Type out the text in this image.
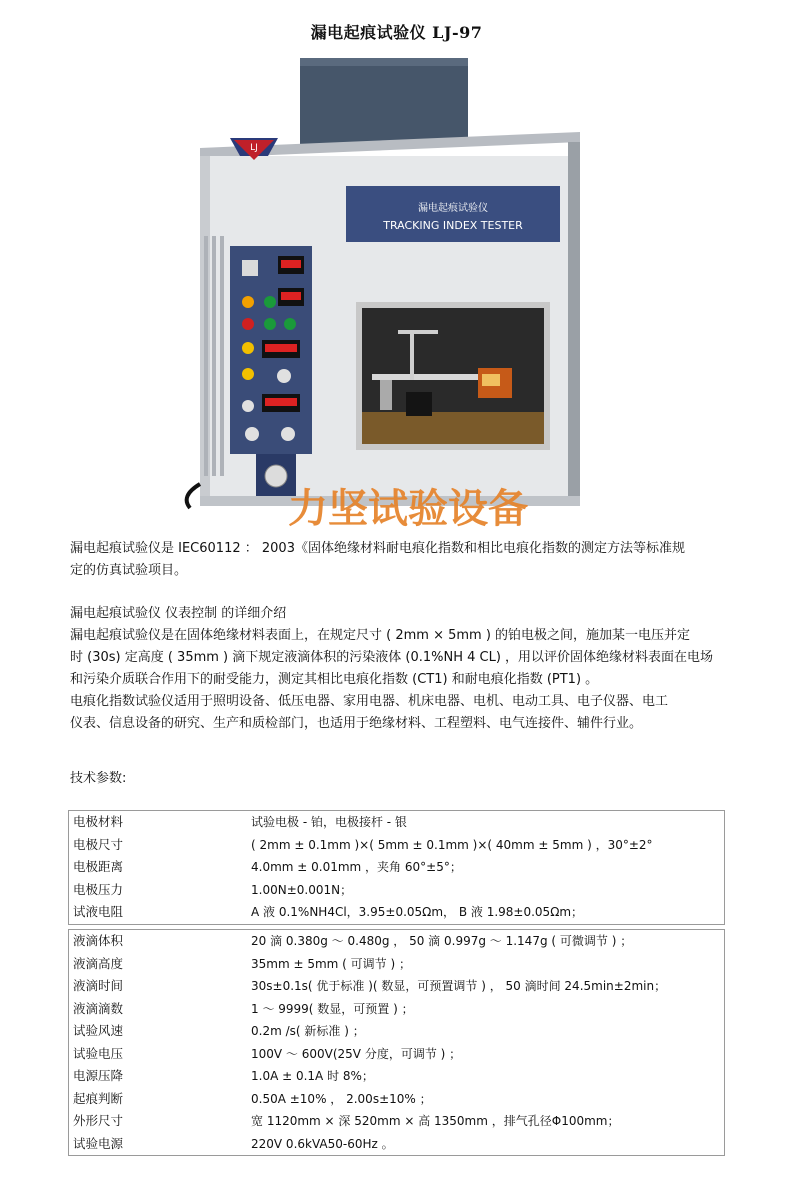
漏电起痕试验仪 LJ-97
漏电起痕试验仪
TRACKING INDEX TESTER
LJ
力坚试验设备
漏电起痕试验仪是 IEC60112 ： 2003《固体绝缘材料耐电痕化指数和相比电痕化指数的测定方法等标准规
定的仿真试验项目。
漏电起痕试验仪 仪表控制 的详细介绍
漏电起痕试验仪是在固体绝缘材料表面上，在规定尺寸 ( 2mm × 5mm ) 的铂电极之间，施加某一电压并定
时 (30s) 定高度 ( 35mm ) 滴下规定液滴体积的污染液体 (0.1%NH 4 CL) ，用以评价固体绝缘材料表面在电场
和污染介质联合作用下的耐受能力，测定其相比电痕化指数 (CT1) 和耐电痕化指数 (PT1) 。
电痕化指数试验仪适用于照明设备、低压电器、家用电器、机床电器、电机、电动工具、电子仪器、电工
仪表、信息设备的研究、生产和质检部门，也适用于绝缘材料、工程塑料、电气连接件、辅件行业。
技术参数:
电极材料	试验电极 - 铂，电极接杆 - 银
电极尺寸	( 2mm ± 0.1mm )×( 5mm ± 0.1mm )×( 40mm ± 5mm ) ，30°±2°
电极距离	4.0mm ± 0.01mm ，夹角 60°±5°；
电极压力	1.00N±0.001N；
试液电阻	A 液 0.1%NH4Cl，3.95±0.05Ωm， B 液 1.98±0.05Ωm；
液滴体积	20 滴 0.380g ～ 0.480g ， 50 滴 0.997g ～ 1.147g ( 可微调节 ) ；
液滴高度	35mm ± 5mm ( 可调节 ) ；
液滴时间	30s±0.1s( 优于标准 )( 数显，可预置调节 ) ， 50 滴时间 24.5min±2min；
液滴滴数	1 ～ 9999( 数显，可预置 ) ；
试验风速	0.2m /s( 新标准 ) ；
试验电压	100V ～ 600V(25V 分度，可调节 ) ；
电源压降	1.0A ± 0.1A 时 8%；
起痕判断	0.50A ±10% ， 2.00s±10% ；
外形尺寸	宽 1120mm × 深 520mm × 高 1350mm ，排气孔径Φ100mm；
试验电源	220V 0.6kVA50-60Hz 。
